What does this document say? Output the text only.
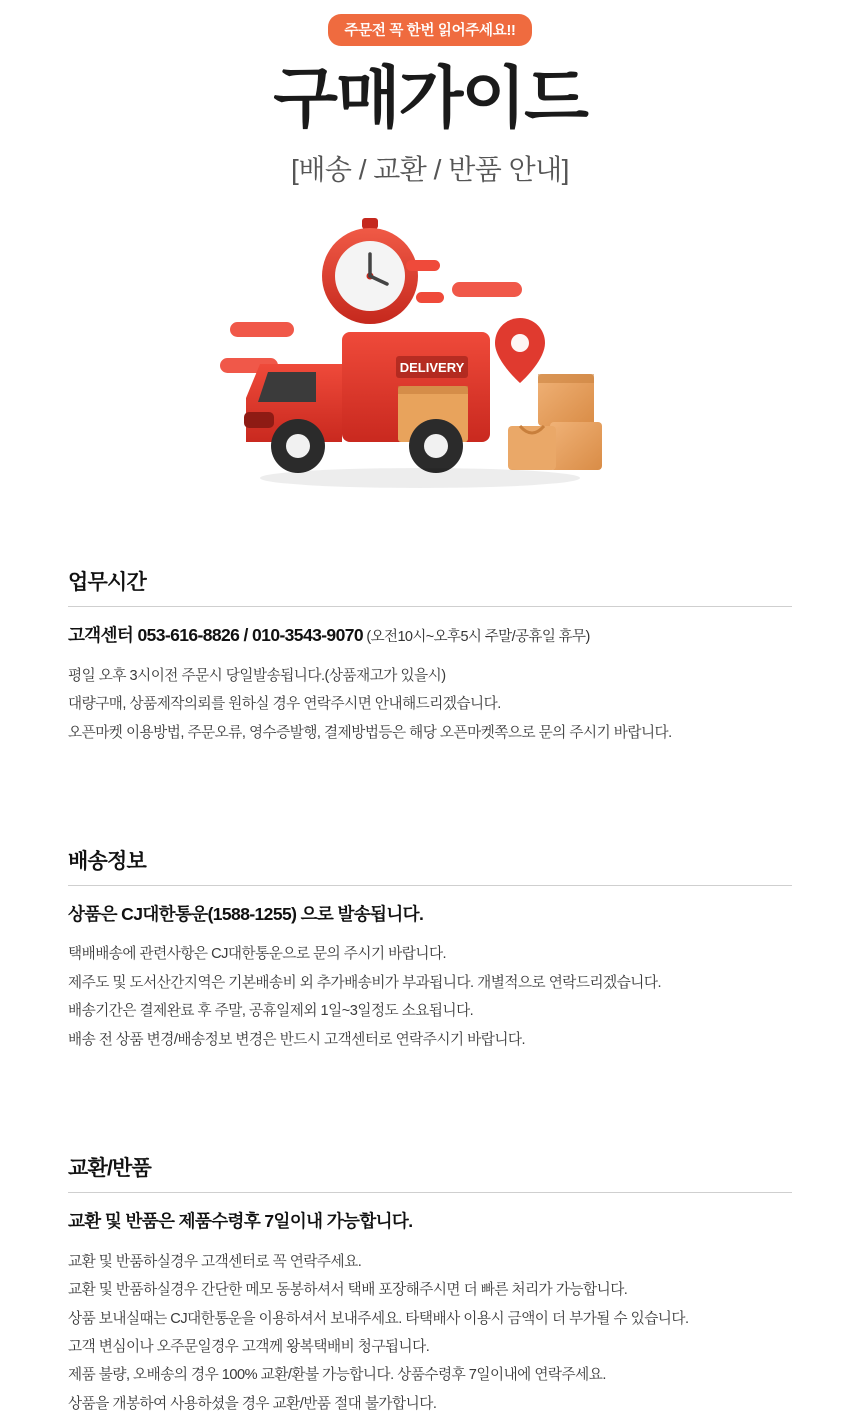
주문전 꼭 한번 읽어주세요!!
구매가이드
[배송 / 교환 / 반품 안내]
DELIVERY
업무시간
고객센터 053-616-8826 / 010-3543-9070 (오전10시~오후5시 주말/공휴일 휴무)
평일 오후 3시이전 주문시 당일발송됩니다.(상품재고가 있을시)
대량구매, 상품제작의뢰를 원하실 경우 연락주시면 안내해드리겠습니다.
오픈마켓 이용방법, 주문오류, 영수증발행, 결제방법등은 해당 오픈마켓쪽으로 문의 주시기 바랍니다.
배송정보
상품은 CJ대한통운(1588-1255) 으로 발송됩니다.
택배배송에 관련사항은 CJ대한통운으로 문의 주시기 바랍니다.
제주도 및 도서산간지역은 기본배송비 외 추가배송비가 부과됩니다. 개별적으로 연락드리겠습니다.
배송기간은 결제완료 후 주말, 공휴일제외 1일~3일정도 소요됩니다.
배송 전 상품 변경/배송정보 변경은 반드시 고객센터로 연락주시기 바랍니다.
교환/반품
교환 및 반품은 제품수령후 7일이내 가능합니다.
교환 및 반품하실경우 고객센터로 꼭 연락주세요.
교환 및 반품하실경우 간단한 메모 동봉하셔서 택배 포장해주시면 더 빠른 처리가 가능합니다.
상품 보내실때는 CJ대한통운을 이용하셔서 보내주세요. 타택배사 이용시 금액이 더 부가될 수 있습니다.
고객 변심이나 오주문일경우 고객께 왕복택배비 청구됩니다.
제품 불량, 오배송의 경우 100% 교환/환불 가능합니다. 상품수령후 7일이내에 연락주세요.
상품을 개봉하여 사용하셨을 경우 교환/반품 절대 불가합니다.
